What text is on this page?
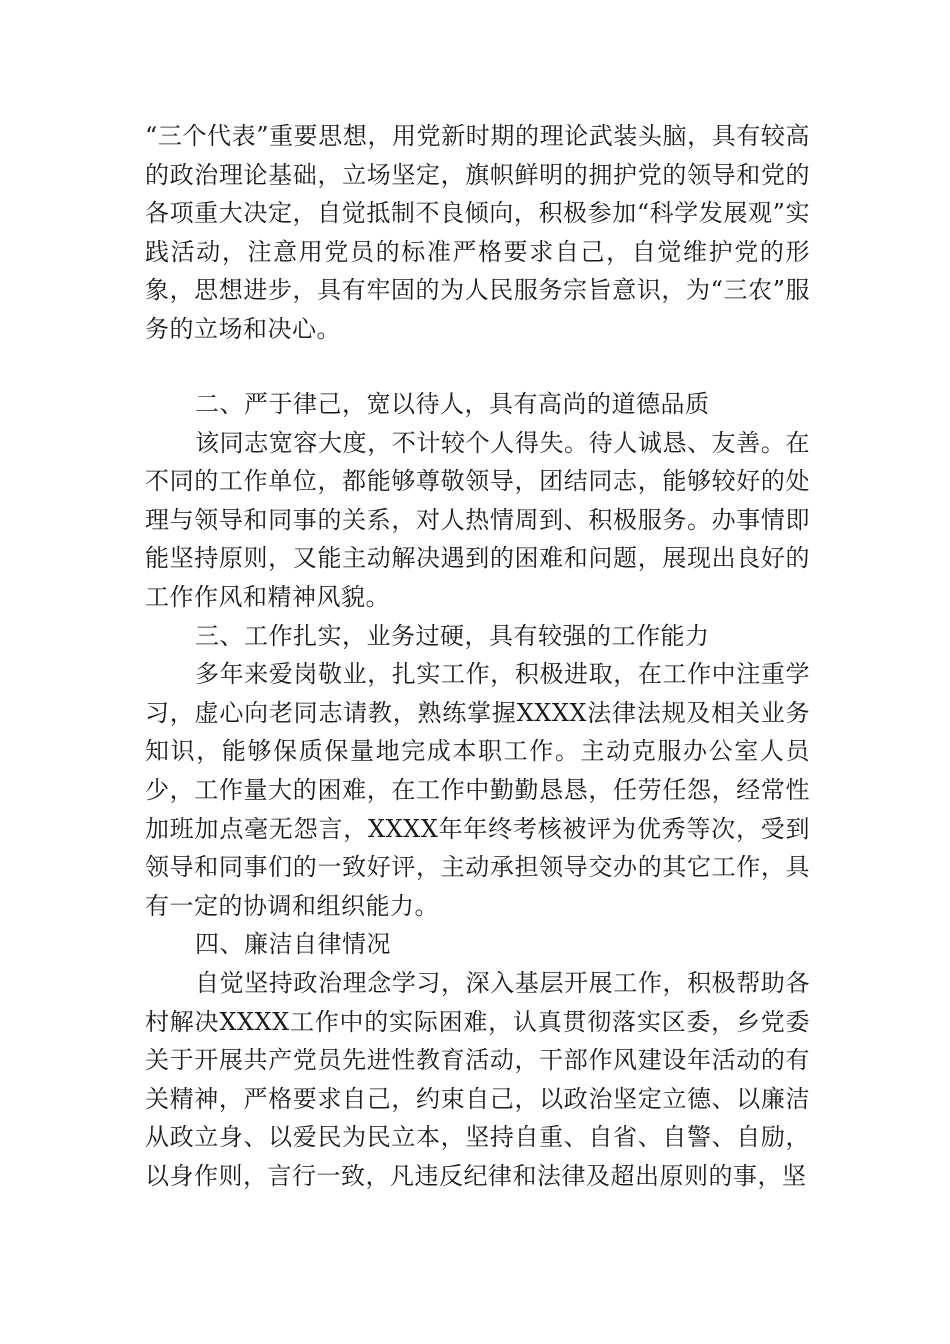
“三个代表”重要思想，用党新时期的理论武装头脑，具有较高的政治理论基础，立场坚定，旗帜鲜明的拥护党的领导和党的各项重大决定，自觉抵制不良倾向，积极参加“科学发展观”实践活动，注意用党员的标准严格要求自己，自觉维护党的形象，思想进步，具有牢固的为人民服务宗旨意识，为“三农”服务的立场和决心。

二、严于律己，宽以待人，具有高尚的道德品质

该同志宽容大度，不计较个人得失。待人诚恳、友善。在不同的工作单位，都能够尊敬领导，团结同志，能够较好的处理与领导和同事的关系，对人热情周到、积极服务。办事情即能坚持原则，又能主动解决遇到的困难和问题，展现出良好的工作作风和精神风貌。

三、工作扎实，业务过硬，具有较强的工作能力

多年来爱岗敬业，扎实工作，积极进取，在工作中注重学习，虚心向老同志请教，熟练掌握XXXX法律法规及相关业务知识，能够保质保量地完成本职工作。主动克服办公室人员少，工作量大的困难，在工作中勤勤恳恳，任劳任怨，经常性加班加点毫无怨言，XXXX年年终考核被评为优秀等次，受到领导和同事们的一致好评，主动承担领导交办的其它工作，具有一定的协调和组织能力。

四、廉洁自律情况

自觉坚持政治理念学习，深入基层开展工作，积极帮助各村解决XXXX工作中的实际困难，认真贯彻落实区委，乡党委关于开展共产党员先进性教育活动，干部作风建设年活动的有关精神，严格要求自己，约束自己，以政治坚定立德、以廉洁从政立身、以爱民为民立本，坚持自重、自省、自警、自励，以身作则，言行一致，凡违反纪律和法律及超出原则的事，坚
